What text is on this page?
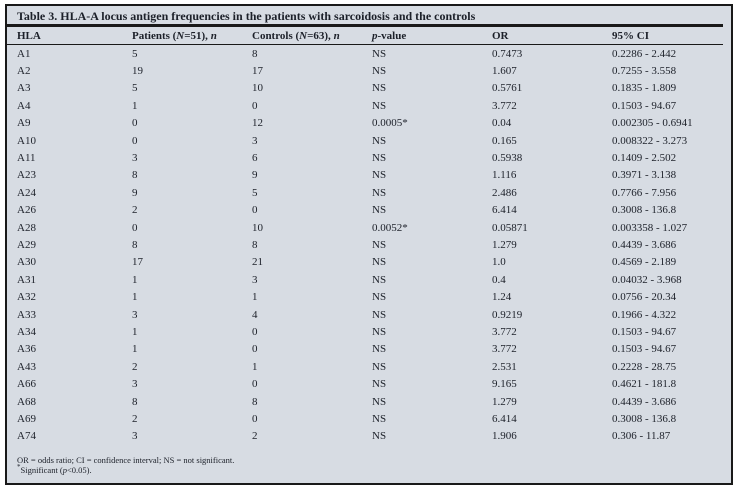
Table 3. HLA-A locus antigen frequencies in the patients with sarcoidosis and the controls
HLA	Patients (N=51), n	Controls (N=63), n	p-value	OR	95% CI
A1	5	8	NS	0.7473	0.2286 - 2.442
A2	19	17	NS	1.607	0.7255 - 3.558
A3	5	10	NS	0.5761	0.1835 - 1.809
A4	1	0	NS	3.772	0.1503 - 94.67
A9	0	12	0.0005*	0.04	0.002305 - 0.6941
A10	0	3	NS	0.165	0.008322 - 3.273
A11	3	6	NS	0.5938	0.1409 - 2.502
A23	8	9	NS	1.116	0.3971 - 3.138
A24	9	5	NS	2.486	0.7766 - 7.956
A26	2	0	NS	6.414	0.3008 - 136.8
A28	0	10	0.0052*	0.05871	0.003358 - 1.027
A29	8	8	NS	1.279	0.4439 - 3.686
A30	17	21	NS	1.0	0.4569 - 2.189
A31	1	3	NS	0.4	0.04032 - 3.968
A32	1	1	NS	1.24	0.0756 - 20.34
A33	3	4	NS	0.9219	0.1966 - 4.322
A34	1	0	NS	3.772	0.1503 - 94.67
A36	1	0	NS	3.772	0.1503 - 94.67
A43	2	1	NS	2.531	0.2228 - 28.75
A66	3	0	NS	9.165	0.4621 - 181.8
A68	8	8	NS	1.279	0.4439 - 3.686
A69	2	0	NS	6.414	0.3008 - 136.8
A74	3	2	NS	1.906	0.306 - 11.87
OR = odds ratio; CI = confidence interval; NS = not significant.
*Significant (p<0.05).
